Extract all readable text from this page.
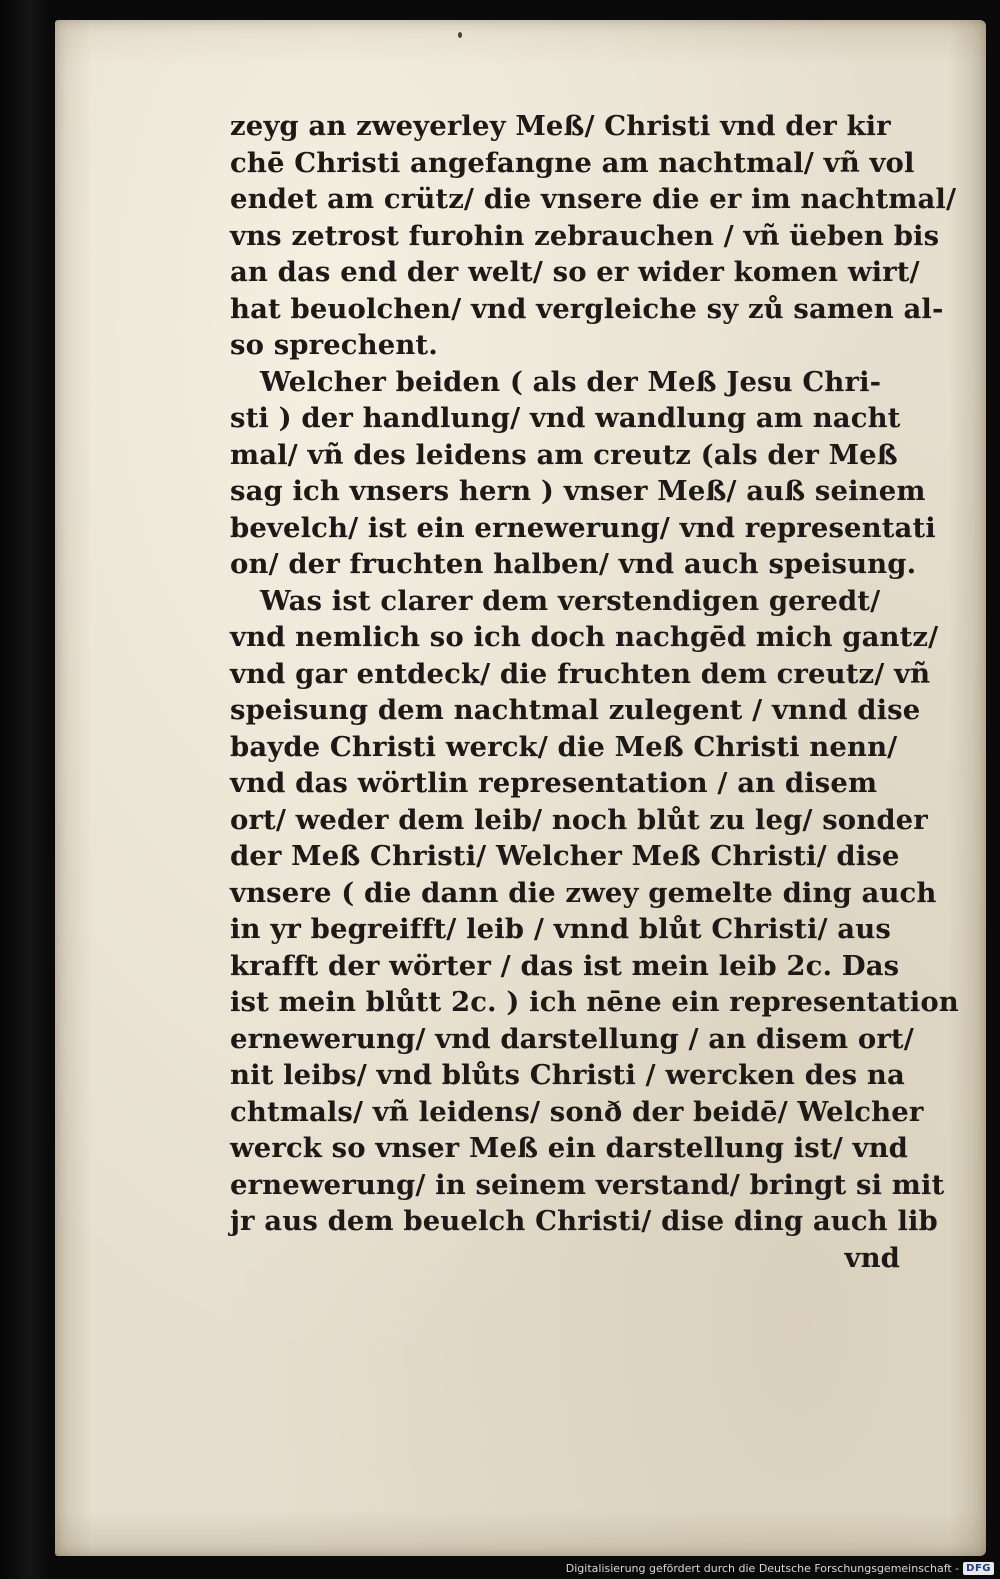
zeyg an zweyerley Meß/ Christi vnd der kir

chē Christi angefangne am nachtmal/ vñ vol

endet am crütz/ die vnsere die er im nachtmal/

vns zetrost furohin zebrauchen / vñ üeben bis

an das end der welt/ so er wider komen wirt/

hat beuolchen/ vnd vergleiche sy zů samen al-

so sprechent.

Welcher beiden ( als der Meß Jesu Chri-

sti ) der handlung/ vnd wandlung am nacht

mal/ vñ des leidens am creutz (als der Meß

sag ich vnsers hern ) vnser Meß/ auß seinem

bevelch/ ist ein ernewerung/ vnd representati

on/ der fruchten halben/ vnd auch speisung.

Was ist clarer dem verstendigen geredt/

vnd nemlich so ich doch nachgēd mich gantz/

vnd gar entdeck/ die fruchten dem creutz/ vñ

speisung dem nachtmal zulegent / vnnd dise

bayde Christi werck/ die Meß Christi nenn/

vnd das wörtlin representation / an disem

ort/ weder dem leib/ noch blůt zu leg/ sonder

der Meß Christi/ Welcher Meß Christi/ dise

vnsere ( die dann die zwey gemelte ding auch

in yr begreifft/ leib / vnnd blůt Christi/ aus

krafft der wörter / das ist mein leib 2c. Das

ist mein blůtt 2c. ) ich nēne ein representation

ernewerung/ vnd darstellung / an disem ort/

nit leibs/ vnd blůts Christi / wercken des na

chtmals/ vñ leidens/ sonð der beidē/ Welcher

werck so vnser Meß ein darstellung ist/ vnd

ernewerung/ in seinem verstand/ bringt si mit

jr aus dem beuelch Christi/ dise ding auch lib

vnd

Digitalisierung gefördert durch die Deutsche Forschungsgemeinschaft - DFG
